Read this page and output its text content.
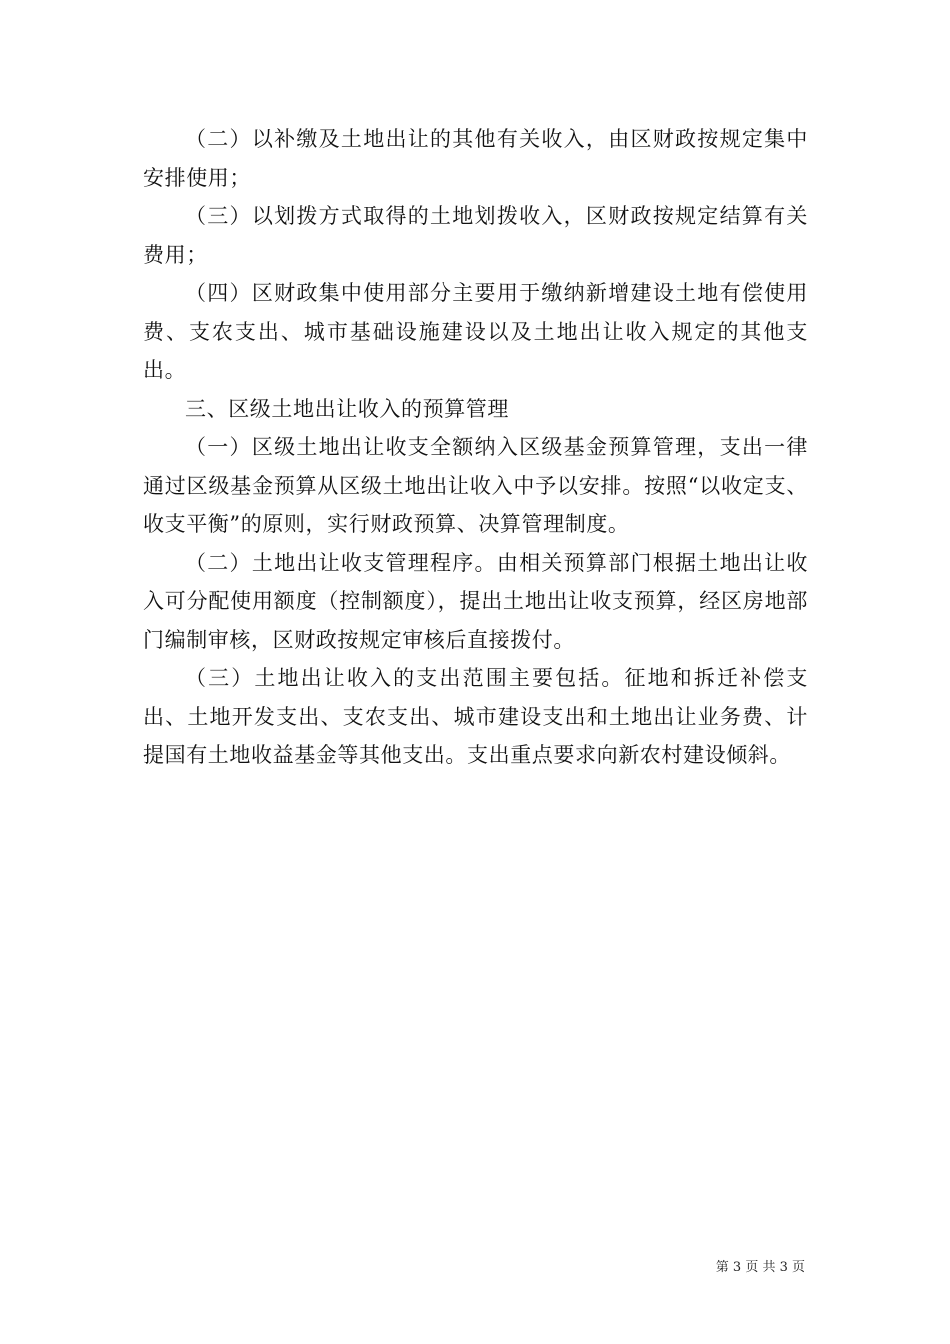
（二）以补缴及土地出让的其他有关收入，由区财政按规定集中安排使用；

（三）以划拨方式取得的土地划拨收入，区财政按规定结算有关费用；

（四）区财政集中使用部分主要用于缴纳新增建设土地有偿使用费、支农支出、城市基础设施建设以及土地出让收入规定的其他支出。

三、区级土地出让收入的预算管理

（一）区级土地出让收支全额纳入区级基金预算管理，支出一律通过区级基金预算从区级土地出让收入中予以安排。按照“以收定支、收支平衡”的原则，实行财政预算、决算管理制度。

（二）土地出让收支管理程序。由相关预算部门根据土地出让收入可分配使用额度（控制额度），提出土地出让收支预算，经区房地部门编制审核，区财政按规定审核后直接拨付。

（三）土地出让收入的支出范围主要包括。征地和拆迁补偿支出、土地开发支出、支农支出、城市建设支出和土地出让业务费、计提国有土地收益基金等其他支出。支出重点要求向新农村建设倾斜。

第 3 页 共 3 页
